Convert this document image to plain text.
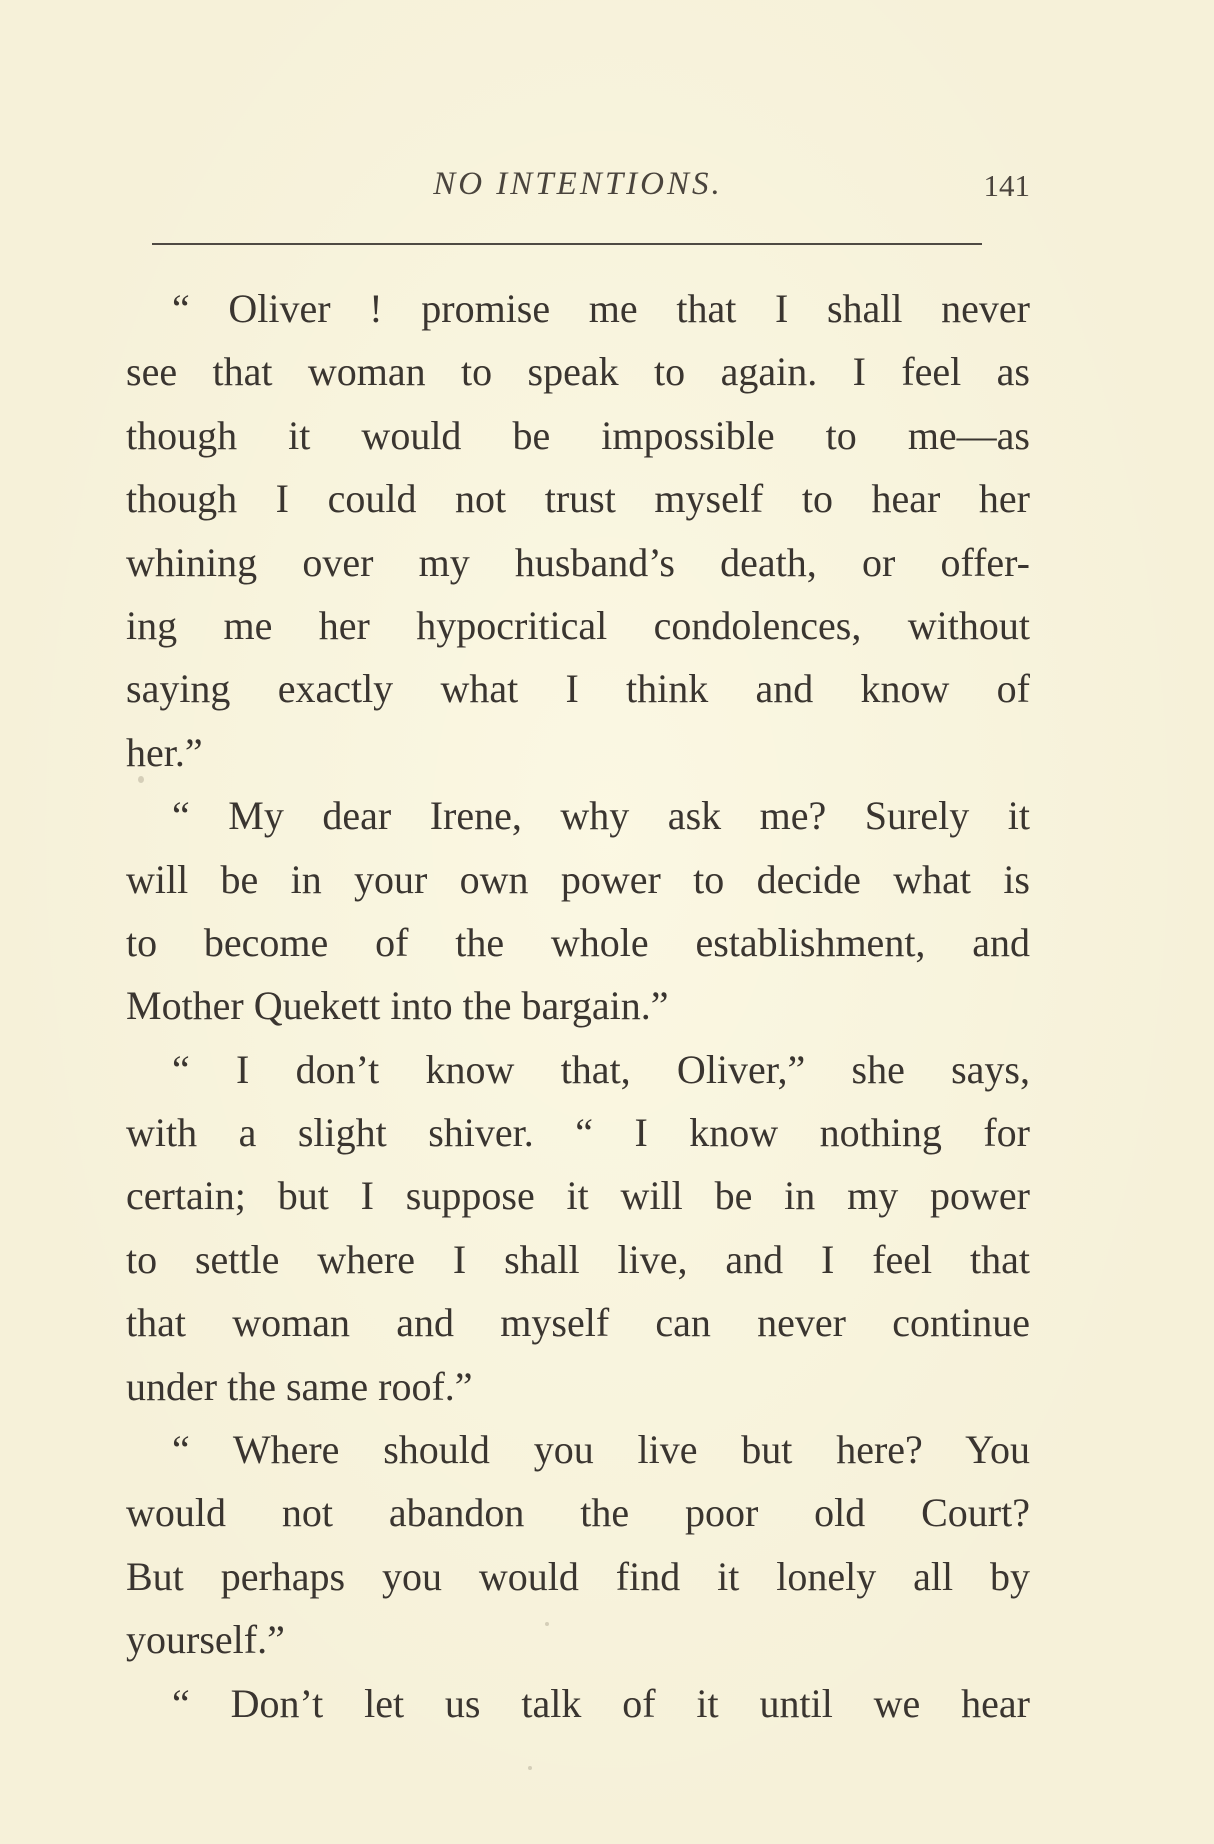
NO INTENTIONS.	141
“ Oliver ! promise me that I shall never
see that woman to speak to again. I feel as
though it would be impossible to me—as
though I could not trust myself to hear her
whining over my husband’s death, or offer-
ing me her hypocritical condolences, without
saying exactly what I think and know of
her.”
“ My dear Irene, why ask me? Surely it
will be in your own power to decide what is
to become of the whole establishment, and
Mother Quekett into the bargain.”
“ I don’t know that, Oliver,” she says,
with a slight shiver. “ I know nothing for
certain; but I suppose it will be in my power
to settle where I shall live, and I feel that
that woman and myself can never continue
under the same roof.”
“ Where should you live but here? You
would not abandon the poor old Court?
But perhaps you would find it lonely all by
yourself.”
“ Don’t let us talk of it until we hear
